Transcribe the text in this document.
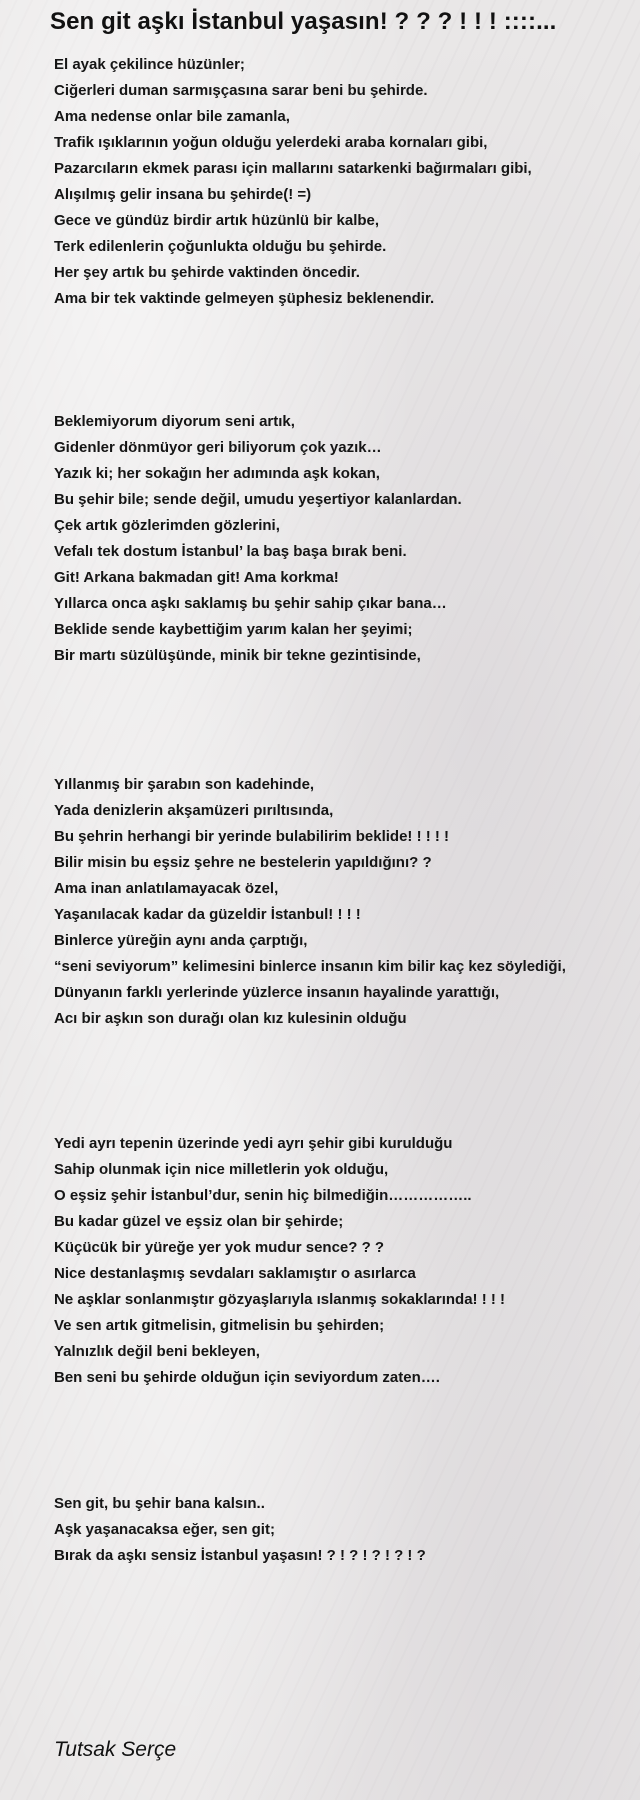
Sen git aşkı İstanbul yaşasın! ? ? ? ! ! ! ::::...
El ayak çekilince hüzünler;
Ciğerleri duman sarmışçasına sarar beni bu şehirde.
Ama nedense onlar bile zamanla,
Trafik ışıklarının yoğun olduğu yelerdeki araba kornaları gibi,
Pazarcıların ekmek parası için mallarını satarkenki bağırmaları gibi,
Alışılmış gelir insana bu şehirde(! =)
Gece ve gündüz birdir artık hüzünlü bir kalbe,
Terk edilenlerin çoğunlukta olduğu bu şehirde.
Her şey artık bu şehirde vaktinden öncedir.
Ama bir tek vaktinde gelmeyen şüphesiz beklenendir.
Beklemiyorum diyorum seni artık,
Gidenler dönmüyor geri biliyorum çok yazık…
Yazık ki; her sokağın her adımında aşk kokan,
Bu şehir bile; sende değil, umudu yeşertiyor kalanlardan.
Çek artık gözlerimden gözlerini,
Vefalı tek dostum İstanbul’ la baş başa bırak beni.
Git! Arkana bakmadan git! Ama korkma!
Yıllarca onca aşkı saklamış bu şehir sahip çıkar bana…
Beklide sende kaybettiğim yarım kalan her şeyimi;
Bir martı süzülüşünde, minik bir tekne gezintisinde,
Yıllanmış bir şarabın son kadehinde,
Yada denizlerin akşamüzeri pırıltısında,
Bu şehrin herhangi bir yerinde bulabilirim beklide! ! ! ! !
Bilir misin bu eşsiz şehre ne bestelerin yapıldığını? ?
Ama inan anlatılamayacak özel,
Yaşanılacak kadar da güzeldir İstanbul! ! ! !
Binlerce yüreğin aynı anda çarptığı,
“seni seviyorum” kelimesini binlerce insanın kim bilir kaç kez söylediği,
Dünyanın farklı yerlerinde yüzlerce insanın hayalinde yarattığı,
Acı bir aşkın son durağı olan kız kulesinin olduğu
Yedi ayrı tepenin üzerinde yedi ayrı şehir gibi kurulduğu
Sahip olunmak için nice milletlerin yok olduğu,
O eşsiz şehir İstanbul’dur, senin hiç bilmediğin……………..
Bu kadar güzel ve eşsiz olan bir şehirde;
Küçücük bir yüreğe yer yok mudur sence? ? ?
Nice destanlaşmış sevdaları saklamıştır o asırlarca
Ne aşklar sonlanmıştır gözyaşlarıyla ıslanmış sokaklarında! ! ! !
Ve sen artık gitmelisin, gitmelisin bu şehirden;
Yalnızlık değil beni bekleyen,
Ben seni bu şehirde olduğun için seviyordum zaten….
Sen git, bu şehir bana kalsın..
Aşk yaşanacaksa eğer, sen git;
Bırak da aşkı sensiz İstanbul yaşasın! ? ! ? ! ? ! ? ! ?

Tutsak Serçe
